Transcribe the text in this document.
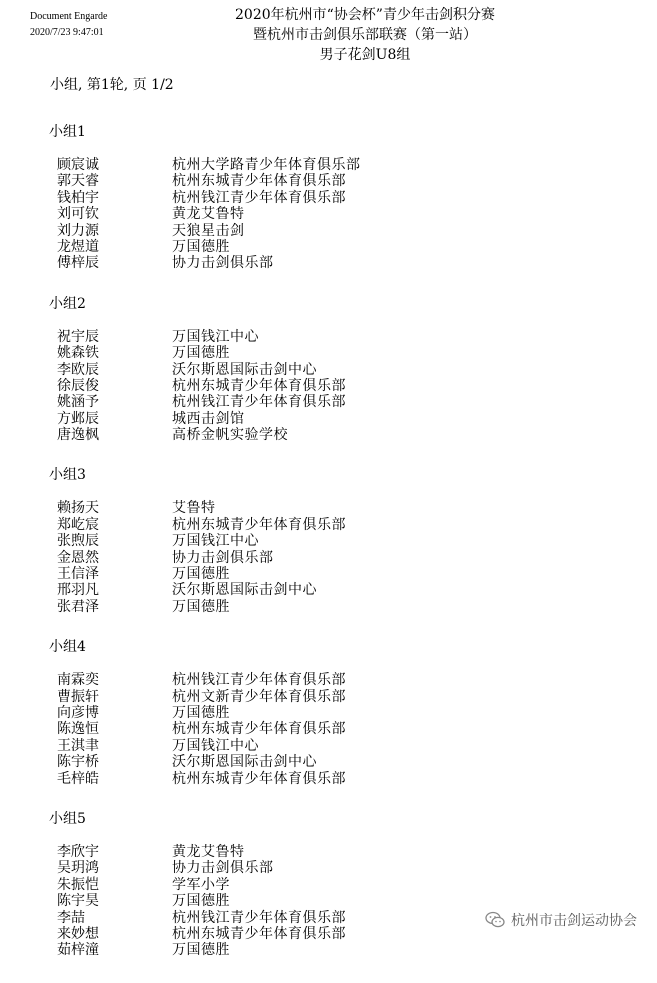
Document Engarde
2020/7/23 9:47:01
2020年杭州市“协会杯”青少年击剑积分赛
暨杭州市击剑俱乐部联赛（第一站）
男子花剑U8组
小组, 第1轮, 页 1/2
小组1
顾宸诚	杭州大学路青少年体育俱乐部
郭天睿	杭州东城青少年体育俱乐部
钱柏宇	杭州钱江青少年体育俱乐部
刘可钦	黄龙艾鲁特
刘力源	天狼星击剑
龙煜道	万国德胜
傅梓辰	协力击剑俱乐部
小组2
祝宇辰	万国钱江中心
姚森铁	万国德胜
李欧辰	沃尔斯恩国际击剑中心
徐辰俊	杭州东城青少年体育俱乐部
姚涵予	杭州钱江青少年体育俱乐部
方邺辰	城西击剑馆
唐逸枫	高桥金帆实验学校
小组3
赖扬天	艾鲁特
郑屹宸	杭州东城青少年体育俱乐部
张煦辰	万国钱江中心
金恩然	协力击剑俱乐部
王信泽	万国德胜
邢羽凡	沃尔斯恩国际击剑中心
张君泽	万国德胜
小组4
南霖奕	杭州钱江青少年体育俱乐部
曹振轩	杭州文新青少年体育俱乐部
向彦博	万国德胜
陈逸恒	杭州东城青少年体育俱乐部
王淇聿	万国钱江中心
陈宇桥	沃尔斯恩国际击剑中心
毛梓皓	杭州东城青少年体育俱乐部
小组5
李欣宇	黄龙艾鲁特
吴玥鸿	协力击剑俱乐部
朱振恺	学军小学
陈宇昊	万国德胜
李喆	杭州钱江青少年体育俱乐部
来妙想	杭州东城青少年体育俱乐部
茹梓潼	万国德胜
杭州市击剑运动协会
